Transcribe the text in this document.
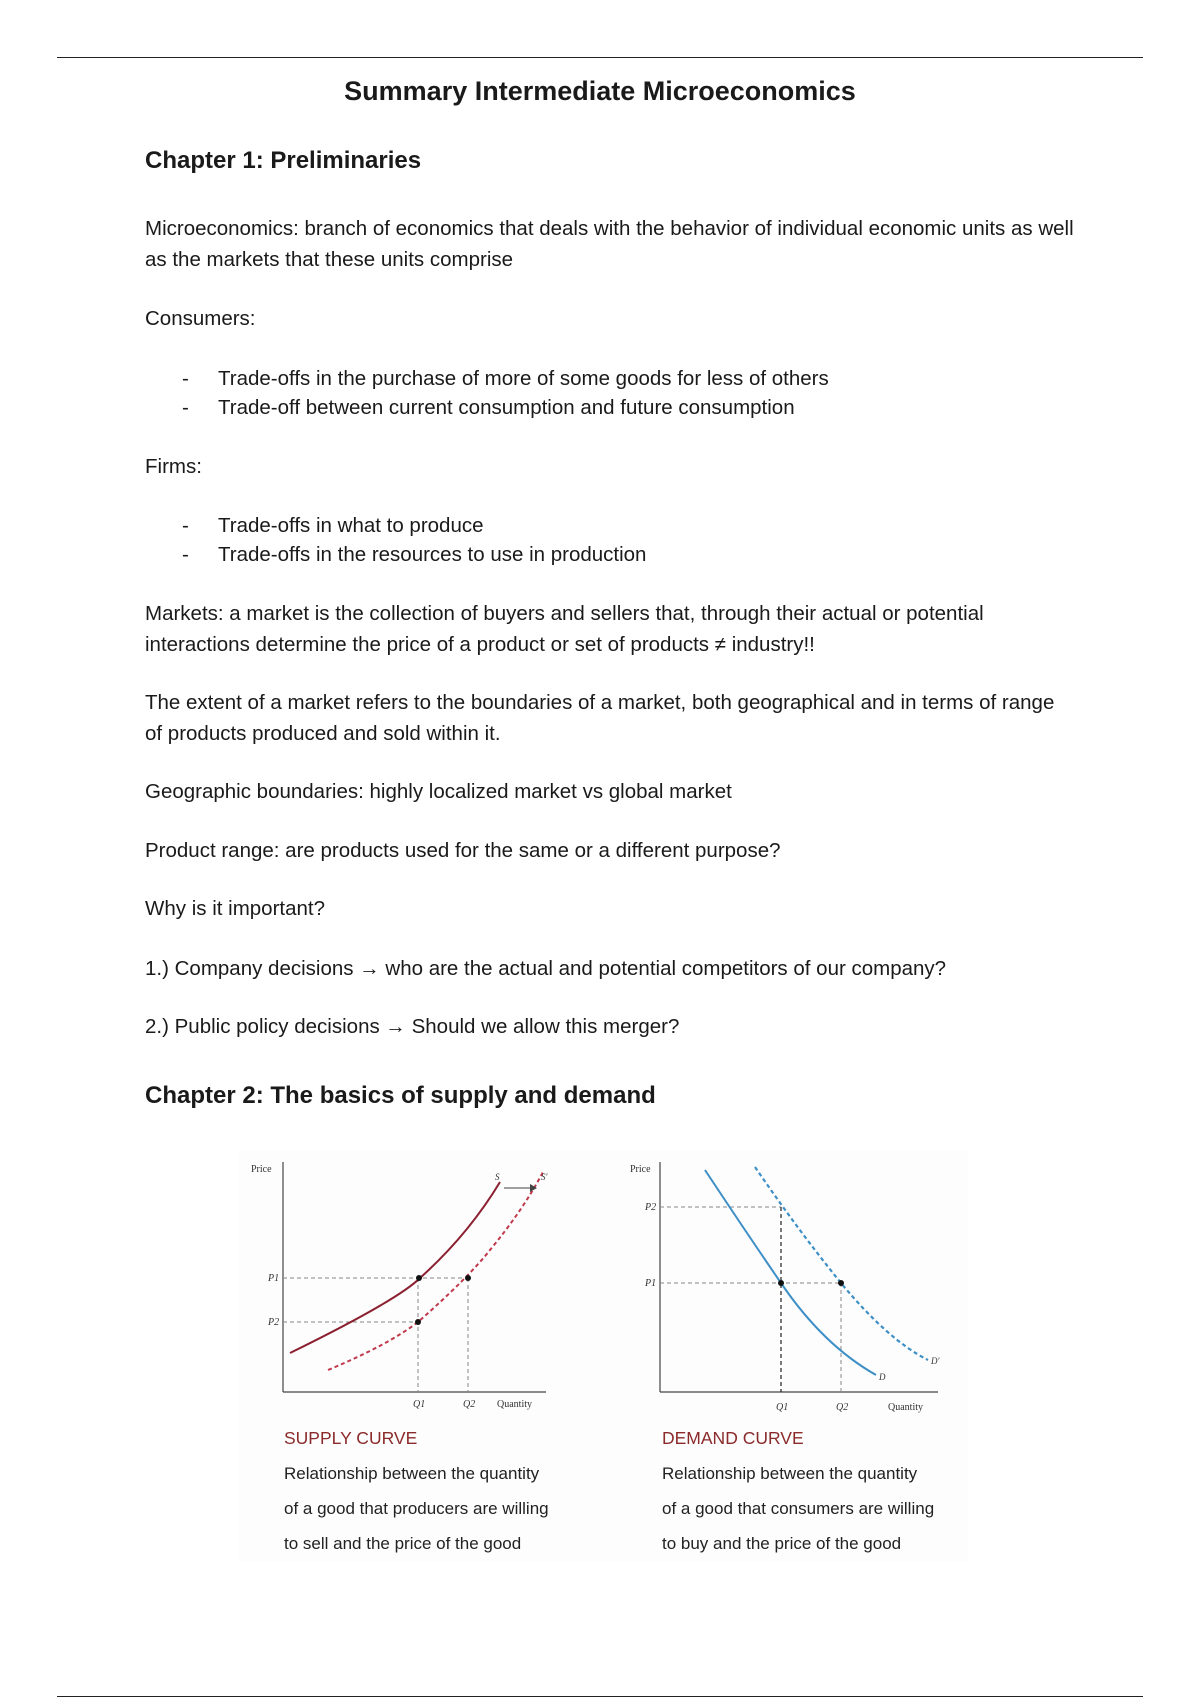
Summary Intermediate Microeconomics
Chapter 1: Preliminaries

Microeconomics: branch of economics that deals with the behavior of individual economic units as well as the markets that these units comprise

Consumers:

- Trade-offs in the purchase of more of some goods for less of others
- Trade-off between current consumption and future consumption

Firms:

- Trade-offs in what to produce
- Trade-offs in the resources to use in production

Markets: a market is the collection of buyers and sellers that, through their actual or potential interactions determine the price of a product or set of products ≠ industry!!

The extent of a market refers to the boundaries of a market, both geographical and in terms of range of products produced and sold within it.

Geographic boundaries: highly localized market vs global market

Product range: are products used for the same or a different purpose?

Why is it important?

1.) Company decisions → who are the actual and potential competitors of our company?

2.) Public policy decisions → Should we allow this merger?

Chapter 2: The basics of supply and demand
Price
Quantity
P1
P2
Q1	Q2
S	S'
Price
Quantity
P2
P1
Q1	Q2
D
D'
SUPPLY CURVE
Relationship between the quantity
of a good that producers are willing
to sell and the price of the good
DEMAND CURVE
Relationship between the quantity
of a good that consumers are willing
to buy and the price of the good
